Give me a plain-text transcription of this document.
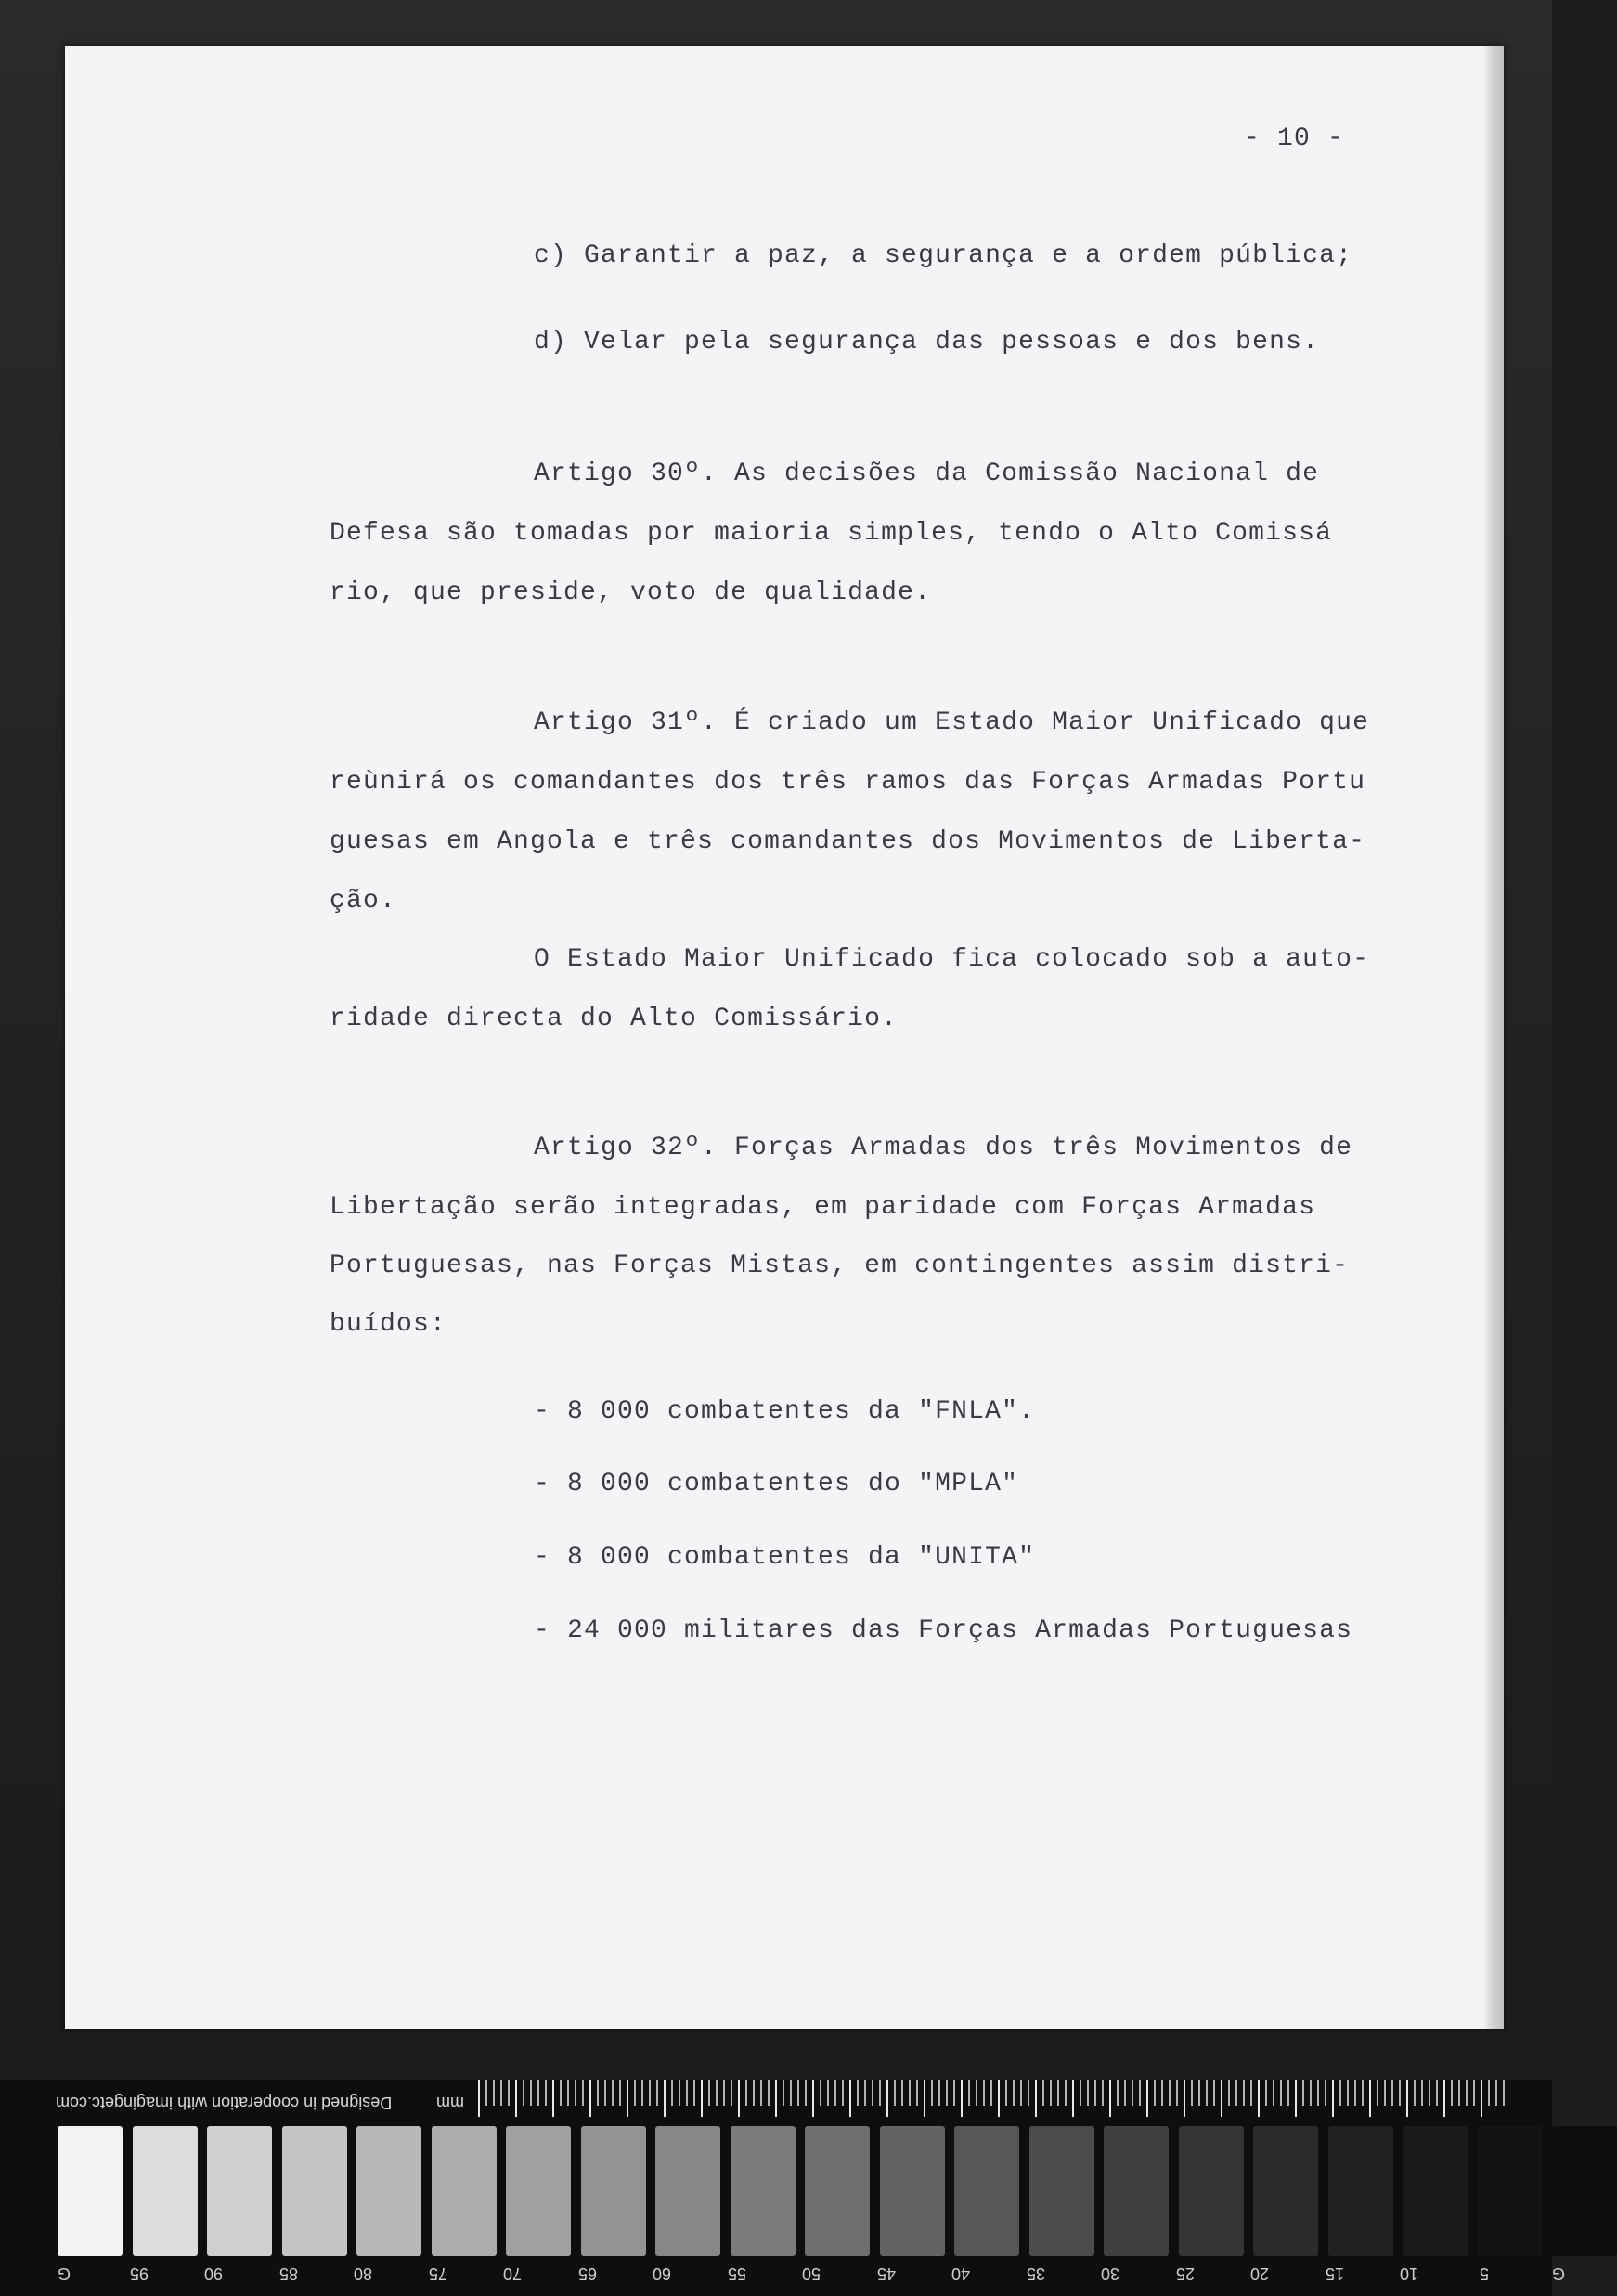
- 10 -
c) Garantir a paz, a segurança e a ordem pública;
d) Velar pela segurança das pessoas e dos bens.
Artigo 30º. As decisões da Comissão Nacional de
Defesa são tomadas por maioria simples, tendo o Alto Comissá
rio, que preside, voto de qualidade.
Artigo 31º. É criado um Estado Maior Unificado que
reùnirá os comandantes dos três ramos das Forças Armadas Portu
guesas em Angola e três comandantes dos Movimentos de Liberta-
ção.
O Estado Maior Unificado fica colocado sob a auto-
ridade directa do Alto Comissário.
Artigo 32º. Forças Armadas dos três Movimentos de
Libertação serão integradas, em paridade com Forças Armadas
Portuguesas, nas Forças Mistas, em contingentes assim distri-
buídos:
- 8 000 combatentes da "FNLA".
- 8 000 combatentes do "MPLA"
- 8 000 combatentes da "UNITA"
- 24 000 militares das Forças Armadas Portuguesas
Designed in cooperation with imagingetc.com	mm
G	95	90	85	80	75	70	65	60	55	50	45	40	35	30	25	20	15	10	5	G
